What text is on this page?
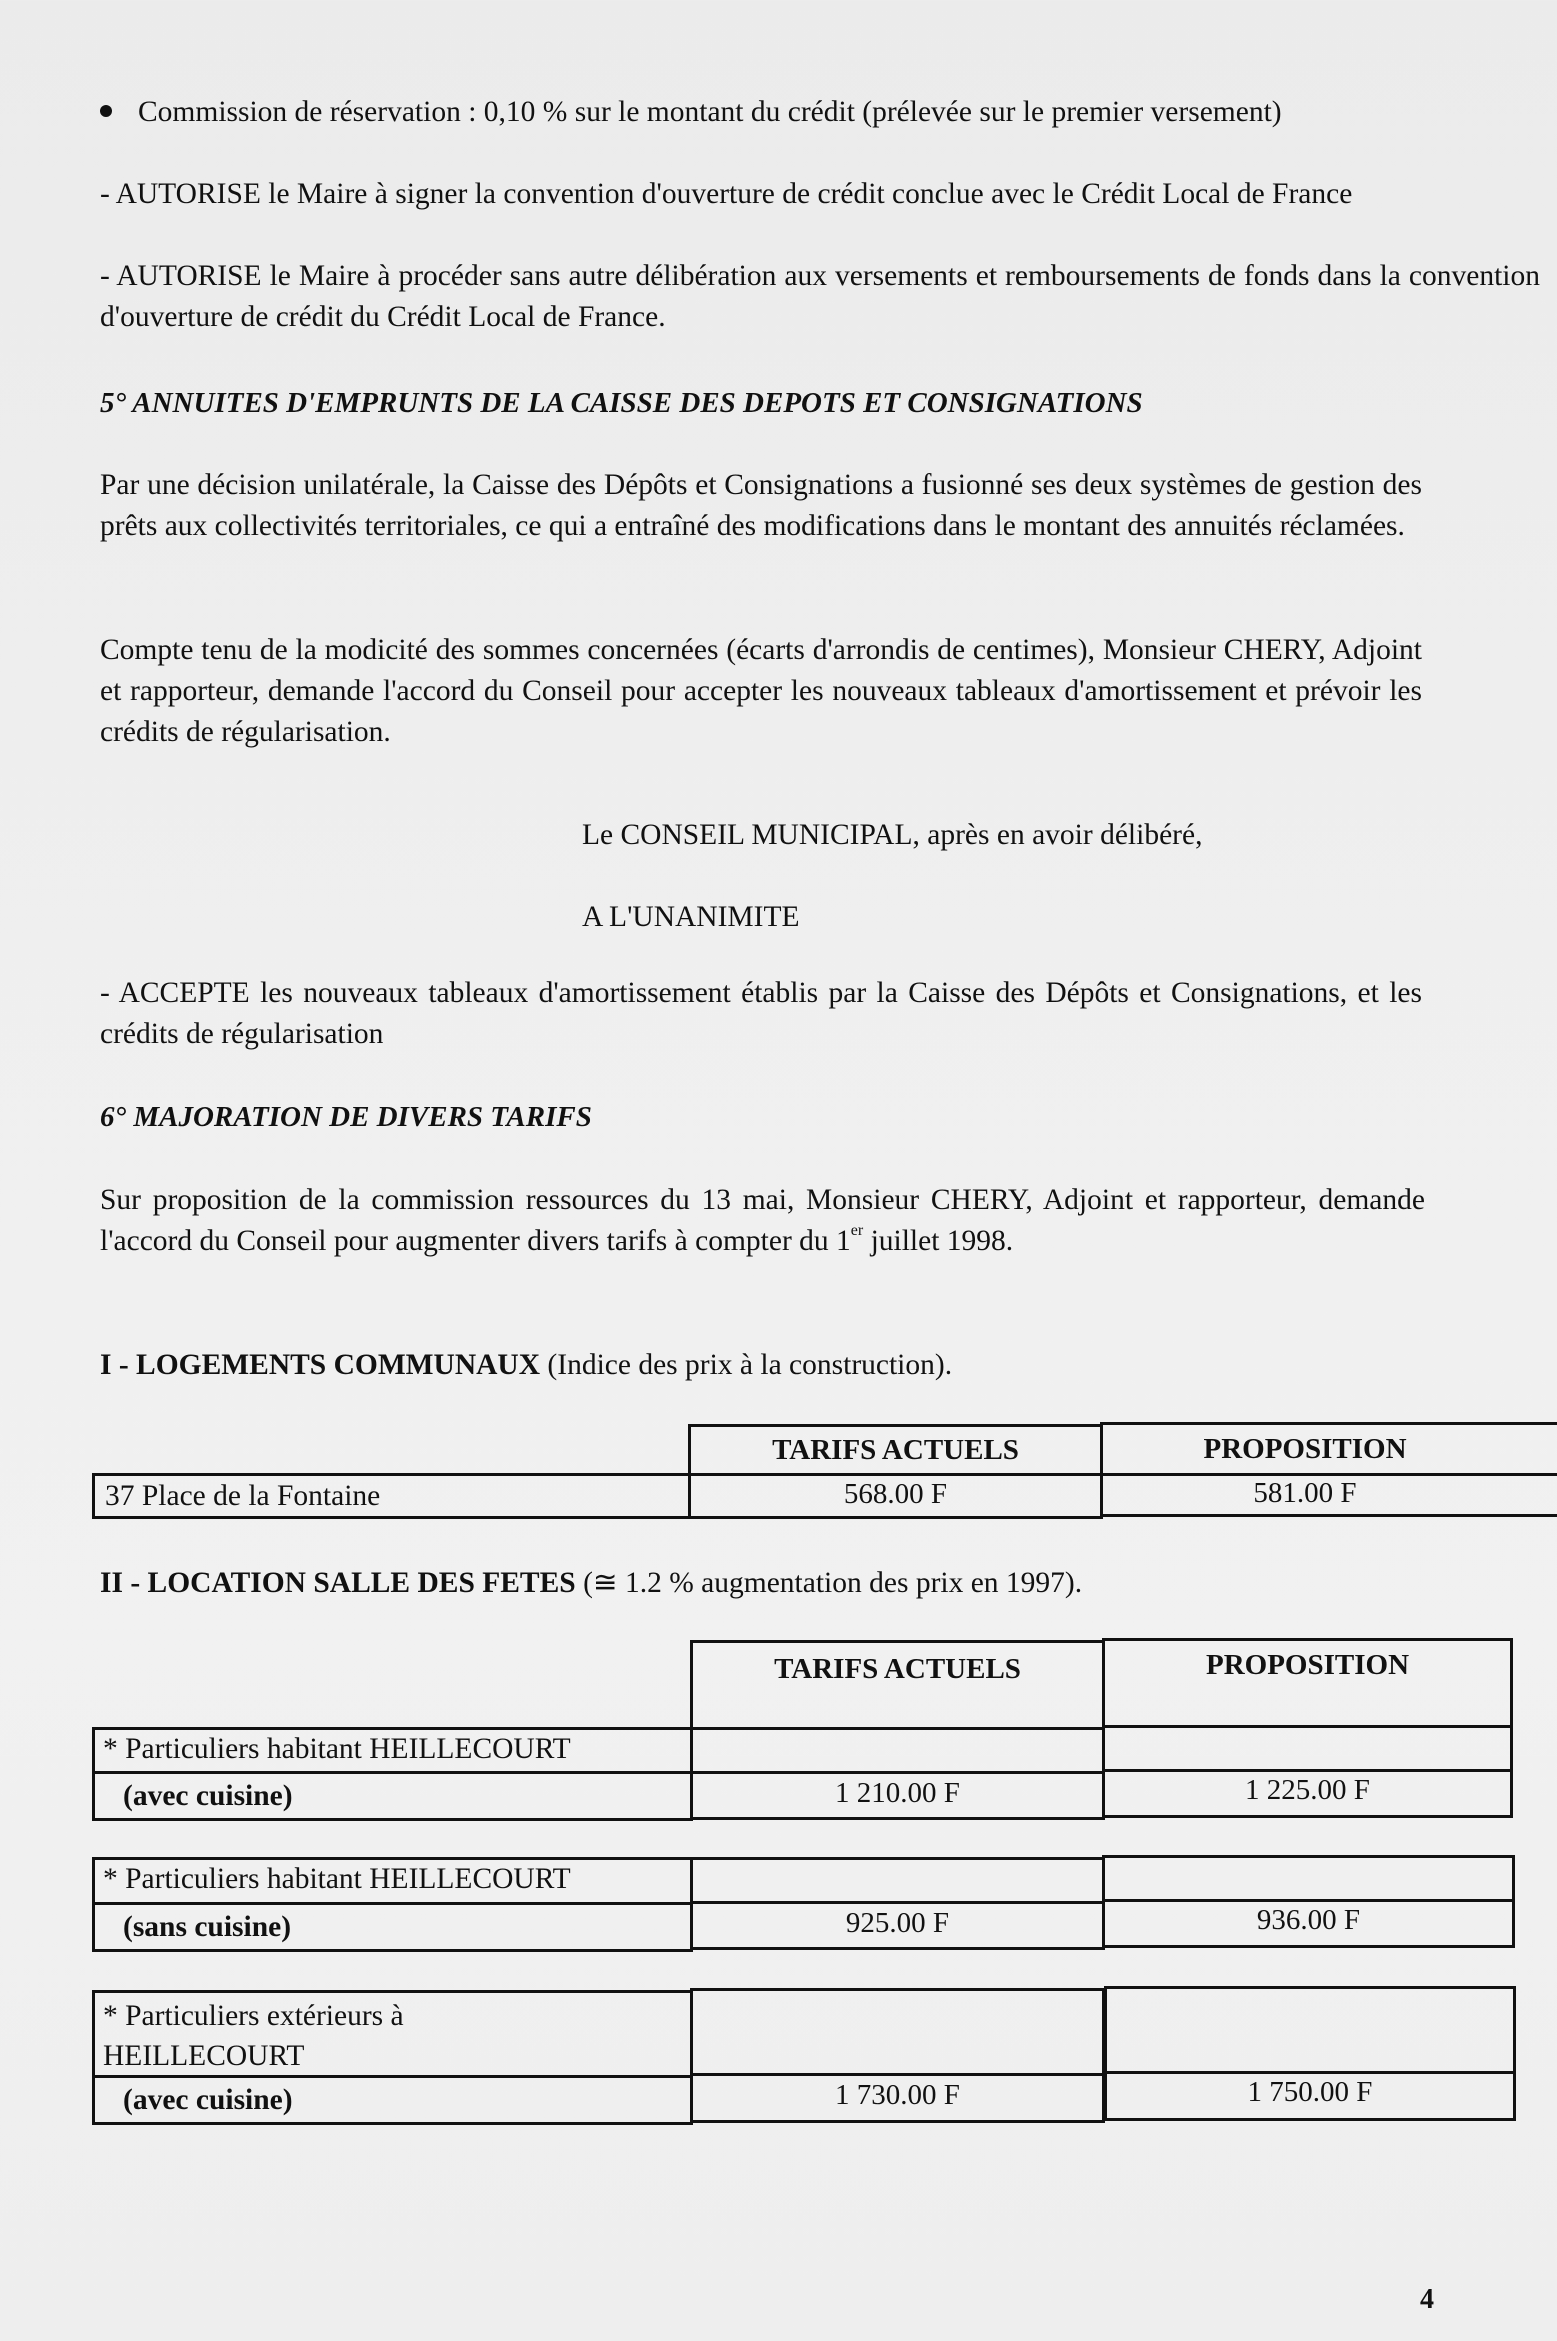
Commission de réservation : 0,10 % sur le montant du crédit (prélevée sur le premier versement)
- AUTORISE le Maire à signer la convention d'ouverture de crédit conclue avec le Crédit Local de France
- AUTORISE le Maire à procéder sans autre délibération aux versements et remboursements de fonds dans la convention d'ouverture de crédit du Crédit Local de France.
5° ANNUITES D'EMPRUNTS DE LA CAISSE DES DEPOTS ET CONSIGNATIONS
Par une décision unilatérale, la Caisse des Dépôts et Consignations a fusionné ses deux systèmes de gestion des prêts aux collectivités territoriales, ce qui a entraîné des modifications dans le montant des annuités réclamées.
Compte tenu de la modicité des sommes concernées (écarts d'arrondis de centimes), Monsieur CHERY, Adjoint et rapporteur, demande l'accord du Conseil pour accepter les nouveaux tableaux d'amortissement et prévoir les crédits de régularisation.
Le CONSEIL MUNICIPAL, après en avoir délibéré,
A L'UNANIMITE
- ACCEPTE les nouveaux tableaux d'amortissement établis par la Caisse des Dépôts et Consignations, et les crédits de régularisation
6° MAJORATION DE DIVERS TARIFS
Sur proposition de la commission ressources du 13 mai, Monsieur CHERY, Adjoint et rapporteur, demande l'accord du Conseil pour augmenter divers tarifs à compter du 1er juillet 1998.
I - LOGEMENTS COMMUNAUX (Indice des prix à la construction).
TARIFS ACTUELS	PROPOSITION
37 Place de la Fontaine	568.00 F	581.00 F
II - LOCATION SALLE DES FETES (≅ 1.2 % augmentation des prix en 1997).
TARIFS ACTUELS	PROPOSITION
* Particuliers habitant HEILLECOURT
(avec cuisine)	1 210.00 F	1 225.00 F
* Particuliers habitant HEILLECOURT
(sans cuisine)	925.00 F	936.00 F
* Particuliers extérieurs à
HEILLECOURT
(avec cuisine)	1 730.00 F	1 750.00 F
4
